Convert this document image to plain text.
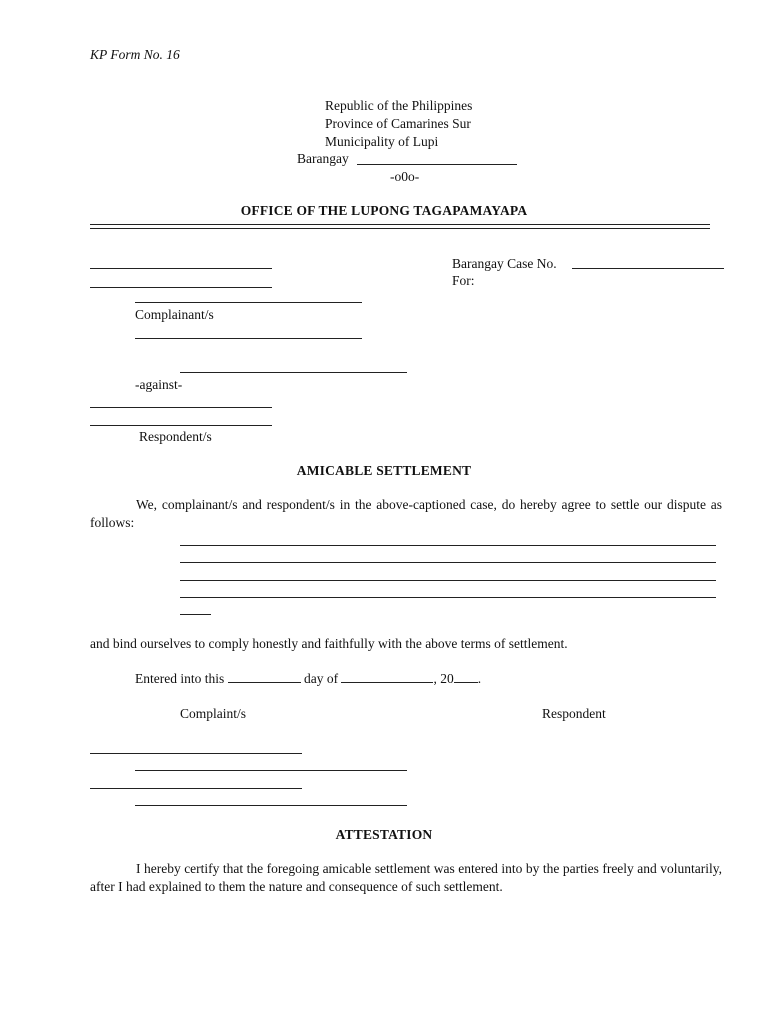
KP Form No. 16
Republic of the Philippines
Province of Camarines Sur
Municipality of Lupi
Barangay
-o0o-
OFFICE OF THE LUPONG TAGAPAMAYAPA
Barangay Case No.
For:
Complainant/s
-against-
Respondent/s
AMICABLE SETTLEMENT
We, complainant/s and respondent/s in the above-captioned case, do hereby agree to settle our dispute as follows:
and bind ourselves to comply honestly and faithfully with the above terms of settlement.
Entered into this	day of	, 20 .
Complaint/s	Respondent
ATTESTATION
I hereby certify that the foregoing amicable settlement was entered into by the parties freely and voluntarily, after I had explained to them the nature and consequence of such settlement.
